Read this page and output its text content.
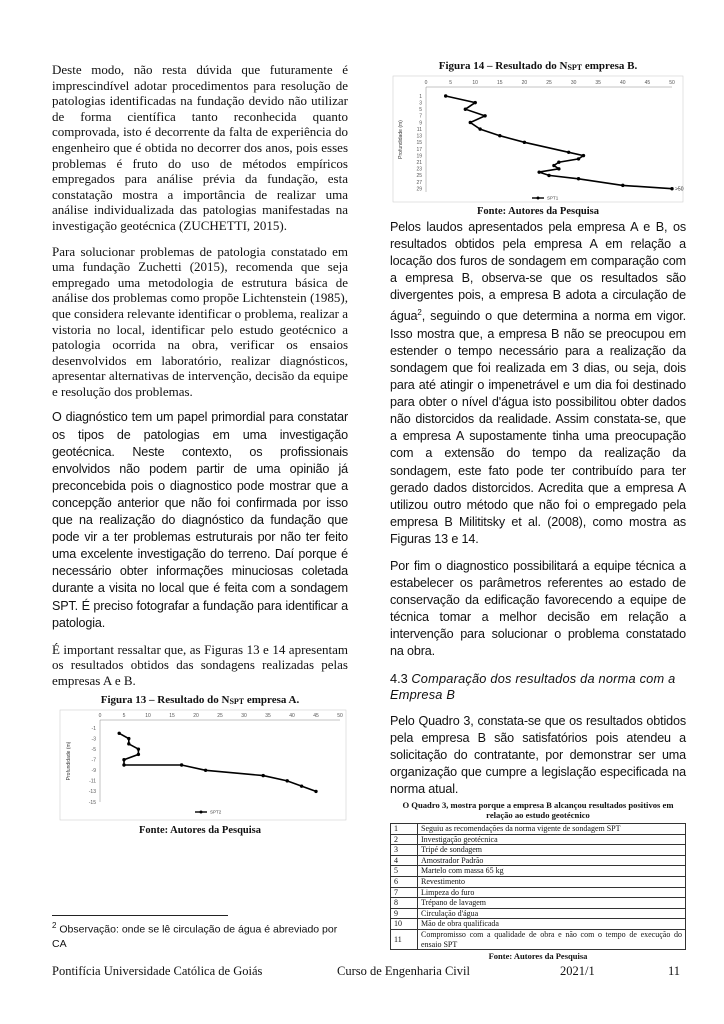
Deste modo, não resta dúvida que futuramente é imprescindível adotar procedimentos para resolução de patologias identificadas na fundação devido não utilizar de forma científica tanto reconhecida quanto comprovada, isto é decorrente da falta de experiência do engenheiro que é obtida no decorrer dos anos, pois esses problemas é fruto do uso de métodos empíricos empregados para análise prévia da fundação, esta constatação mostra a importância de realizar uma análise individualizada das patologias manifestadas na investigação geotécnica (ZUCHETTI, 2015).

Para solucionar problemas de patologia constatado em uma fundação Zuchetti (2015), recomenda que seja empregado uma metodologia de estrutura básica de análise dos problemas como propõe Lichtenstein (1985), que considera relevante identificar o problema, realizar a vistoria no local, identificar pelo estudo geotécnico a patologia ocorrida na obra, verificar os ensaios desenvolvidos em laboratório, realizar diagnósticos, apresentar alternativas de intervenção, decisão da equipe e resolução dos problemas.

O diagnóstico tem um papel primordial para constatar os tipos de patologias em uma investigação geotécnica. Neste contexto, os profissionais envolvidos não podem partir de uma opinião já preconcebida pois o diagnostico pode mostrar que a concepção anterior que não foi confirmada por isso que na realização do diagnóstico da fundação que pode vir a ter problemas estruturais por não ter feito uma excelente investigação do terreno. Daí porque é necessário obter informações minuciosas coletada durante a visita no local que é feita com a sondagem SPT. É preciso fotografar a fundação para identificar a patologia.

É important ressaltar que, as Figuras 13 e 14 apresentam os resultados obtidos das sondagens realizadas pelas empresas A e B.

Figura 13 – Resultado do $N_{SPT}$ empresa A.
0	5	10	15	20	25	30	35	40	45	50
-1
-3
-5
-7
-9
-11
-13
-15
Profundidade (m)
SPT2
Fonte: Autores da Pesquisa
Figura 14 – Resultado do $N_{SPT}$ empresa B.
0	5	10	15	20	25	30	35	40	45	50
1
3
5
7
9
11
13
15
17
19
21
23
25
27
29
Profundidade (m)
SPT1
>50
Fonte: Autores da Pesquisa

Pelos laudos apresentados pela empresa A e B, os resultados obtidos pela empresa A em relação a locação dos furos de sondagem em comparação com a empresa B, observa-se que os resultados são divergentes pois, a empresa B adota a circulação de água$^2$, seguindo o que determina a norma em vigor. Isso mostra que, a empresa B não se preocupou em estender o tempo necessário para a realização da sondagem que foi realizada em 3 dias, ou seja, dois para até atingir o impenetrável e um dia foi destinado para obter o nível d'água isto possibilitou obter dados não distorcidos da realidade. Assim constata-se, que a empresa A supostamente tinha uma preocupação com a extensão do tempo da realização da sondagem, este fato pode ter contribuído para ter gerado dados distorcidos. Acredita que a empresa A utilizou outro método que não foi o empregado pela empresa B Milititsky et al. (2008), como mostra as Figuras 13 e 14.

Por fim o diagnostico possibilitará a equipe técnica a estabelecer os parâmetros referentes ao estado de conservação da edificação favorecendo a equipe de técnica tomar a melhor decisão em relação a intervenção para solucionar o problema constatado na obra.

4.3 Comparação dos resultados da norma com a Empresa B

Pelo Quadro 3, constata-se que os resultados obtidos pela empresa B são satisfatórios pois atendeu a solicitação do contratante, por demonstrar ser uma organização que cumpre a legislação especificada na norma atual.

O Quadro 3, mostra porque a empresa B alcançou resultados positivos em relação ao estudo geotécnico
1	Seguiu as recomendações da norma vigente de sondagem SPT
2	Investigação geotécnica
3	Tripé de sondagem
4	Amostrador Padrão
5	Martelo com massa 65 kg
6	Revestimento
7	Limpeza do furo
8	Trépano de lavagem
9	Circulação d'água
10	Mão de obra qualificada
11	Compromisso com a qualidade de obra e não com o tempo de execução do ensaio SPT
Fonte: Autores da Pesquisa
$^2$ Observação: onde se lê circulação de água é abreviado por CA
Pontifícia Universidade Católica de Goiás	Curso de Engenharia Civil	2021/1	11
